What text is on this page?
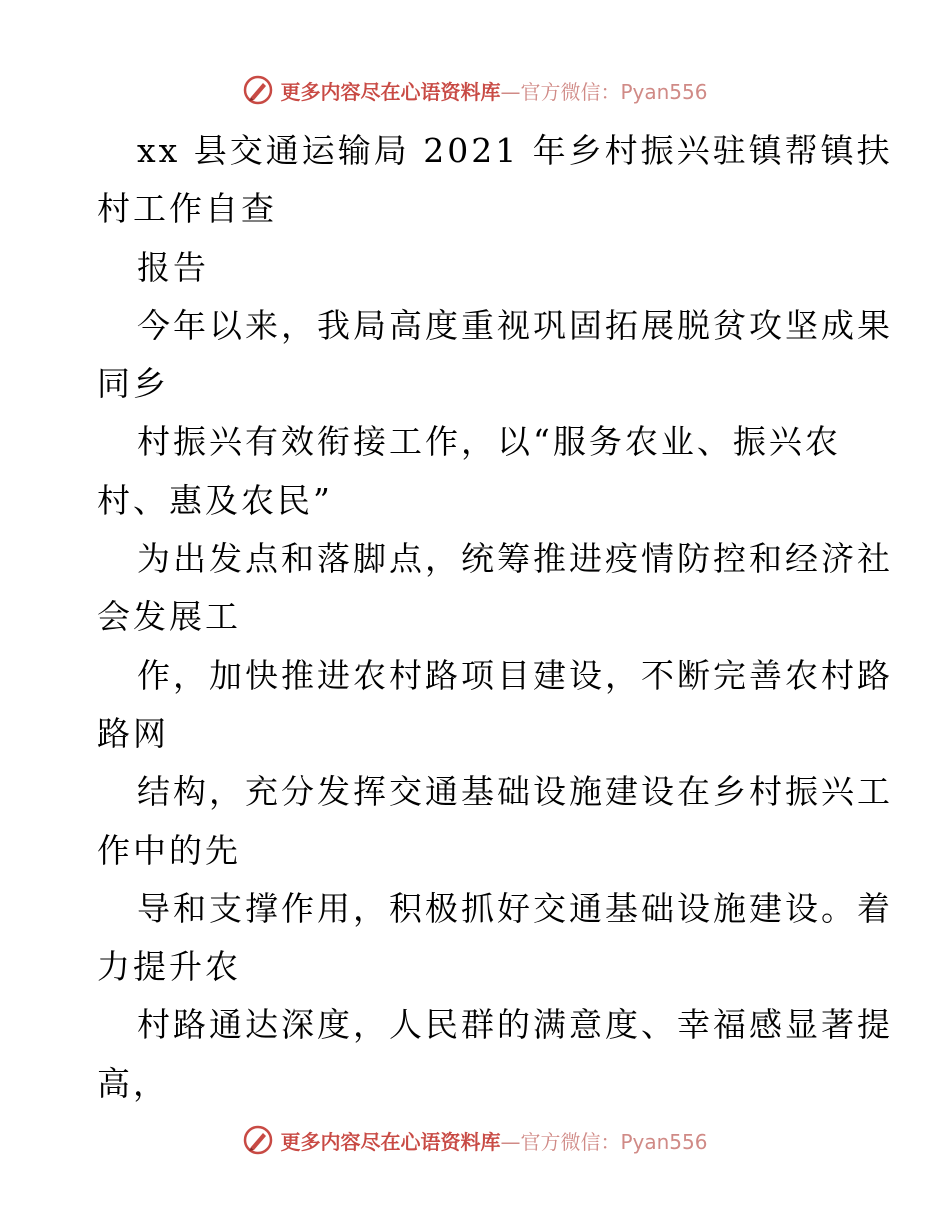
更多内容尽在心语资料库—官方微信：Pyan556
xx 县交通运输局 2021 年乡村振兴驻镇帮镇扶
村工作自查
报告
今年以来，我局高度重视巩固拓展脱贫攻坚成果
同乡
村振兴有效衔接工作，以“服务农业、振兴农
村、惠及农民”
为出发点和落脚点，统筹推进疫情防控和经济社
会发展工
作，加快推进农村路项目建设，不断完善农村路
路网
结构，充分发挥交通基础设施建设在乡村振兴工
作中的先
导和支撑作用，积极抓好交通基础设施建设。着
力提升农
村路通达深度，人民群的满意度、幸福感显著提
高，
更多内容尽在心语资料库—官方微信：Pyan556
